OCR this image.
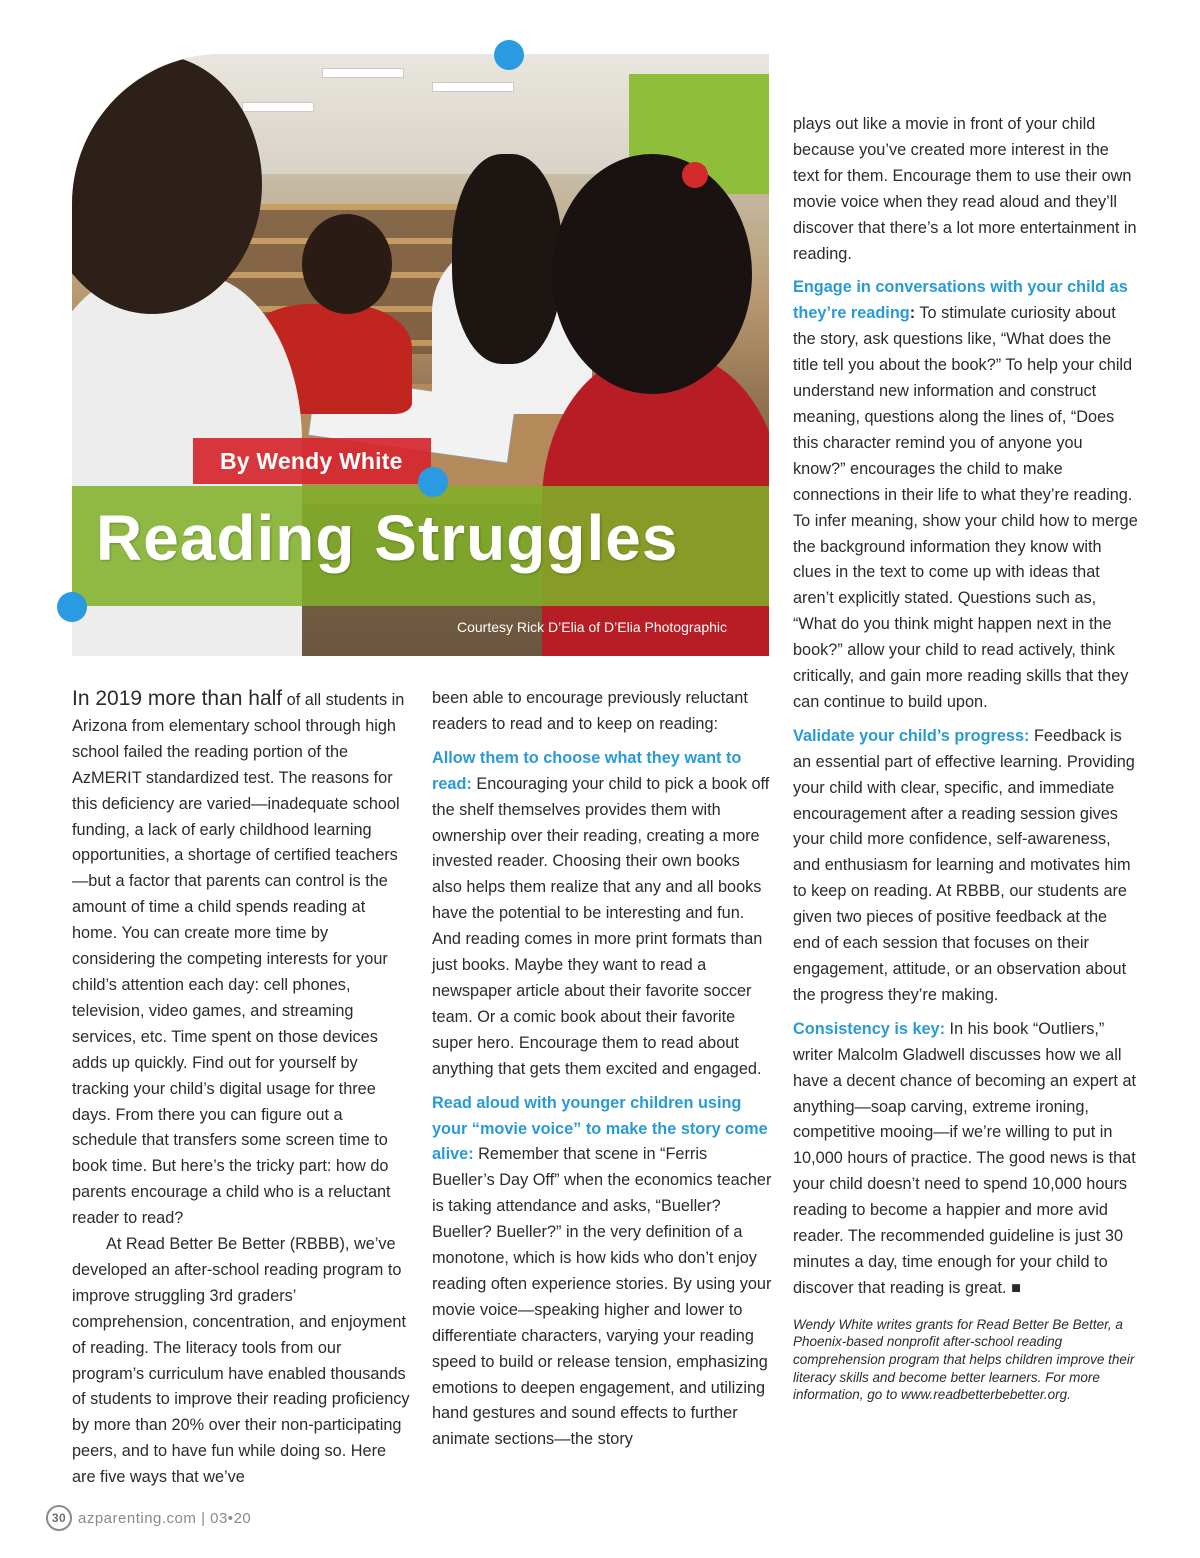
By Wendy White
Reading Struggles
Courtesy Rick D’Elia of D’Elia Photographic

In 2019 more than half of all students in Arizona from elementary school through high school failed the reading portion of the AzMERIT standardized test. The reasons for this deficiency are varied—inadequate school funding, a lack of early childhood learning opportunities, a shortage of certified teachers—but a factor that parents can control is the amount of time a child spends reading at home. You can create more time by considering the competing interests for your child’s attention each day: cell phones, television, video games, and streaming services, etc. Time spent on those devices adds up quickly. Find out for yourself by tracking your child’s digital usage for three days. From there you can figure out a schedule that transfers some screen time to book time. But here’s the tricky part: how do parents encourage a child who is a reluctant reader to read?

At Read Better Be Better (RBBB), we’ve developed an after-school reading program to improve struggling 3rd graders’ comprehension, concentration, and enjoyment of reading. The literacy tools from our program’s curriculum have enabled thousands of students to improve their reading proficiency by more than 20% over their non-participating peers, and to have fun while doing so. Here are five ways that we’ve

been able to encourage previously reluctant readers to read and to keep on reading:

Allow them to choose what they want to read: Encouraging your child to pick a book off the shelf themselves provides them with ownership over their reading, creating a more invested reader. Choosing their own books also helps them realize that any and all books have the potential to be interesting and fun. And reading comes in more print formats than just books. Maybe they want to read a newspaper article about their favorite soccer team. Or a comic book about their favorite super hero. Encourage them to read about anything that gets them excited and engaged.

Read aloud with younger children using your “movie voice” to make the story come alive: Remember that scene in “Ferris Bueller’s Day Off” when the economics teacher is taking attendance and asks, “Bueller? Bueller? Bueller?” in the very definition of a monotone, which is how kids who don’t enjoy reading often experience stories. By using your movie voice—speaking higher and lower to differentiate characters, varying your reading speed to build or release tension, emphasizing emotions to deepen engagement, and utilizing hand gestures and sound effects to further animate sections—the story

plays out like a movie in front of your child because you’ve created more interest in the text for them. Encourage them to use their own movie voice when they read aloud and they’ll discover that there’s a lot more entertainment in reading.

Engage in conversations with your child as they’re reading: To stimulate curiosity about the story, ask questions like, “What does the title tell you about the book?” To help your child understand new information and construct meaning, questions along the lines of, “Does this character remind you of anyone you know?” encourages the child to make connections in their life to what they’re reading. To infer meaning, show your child how to merge the background information they know with clues in the text to come up with ideas that aren’t explicitly stated. Questions such as, “What do you think might happen next in the book?” allow your child to read actively, think critically, and gain more reading skills that they can continue to build upon.

Validate your child’s progress: Feedback is an essential part of effective learning. Providing your child with clear, specific, and immediate encouragement after a reading session gives your child more confidence, self-awareness, and enthusiasm for learning and motivates him to keep on reading. At RBBB, our students are given two pieces of positive feedback at the end of each session that focuses on their engagement, attitude, or an observation about the progress they’re making.

Consistency is key: In his book “Outliers,” writer Malcolm Gladwell discusses how we all have a decent chance of becoming an expert at anything—soap carving, extreme ironing, competitive mooing—if we’re willing to put in 10,000 hours of practice. The good news is that your child doesn’t need to spend 10,000 hours reading to become a happier and more avid reader. The recommended guideline is just 30 minutes a day, time enough for your child to discover that reading is great. ■

Wendy White writes grants for Read Better Be Better, a Phoenix-based nonprofit after-school reading comprehension program that helps children improve their literacy skills and become better learners. For more information, go to www.readbetterbebetter.org.

30 azparenting.com | 03•20
